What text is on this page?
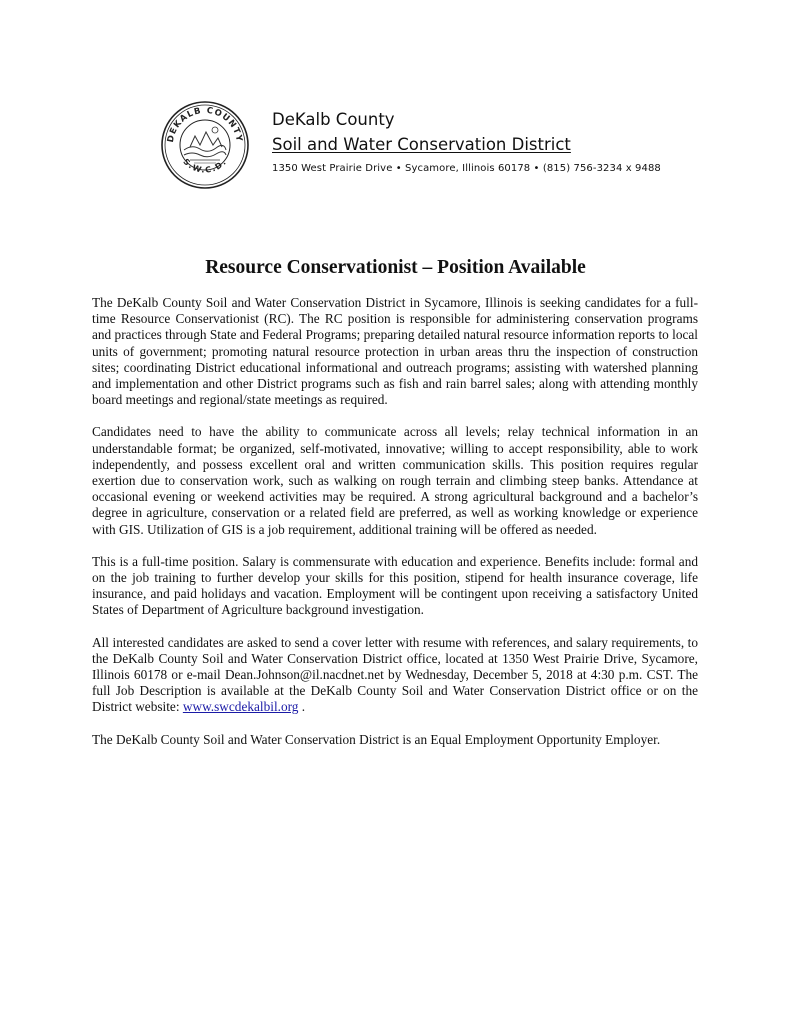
DEKALB COUNTY
S.W.C.D.
DeKalb County
Soil and Water Conservation District
1350 West Prairie Drive • Sycamore, Illinois 60178 • (815) 756-3234 x 9488
Resource Conservationist – Position Available

The DeKalb County Soil and Water Conservation District in Sycamore, Illinois is seeking candidates for a full-time Resource Conservationist (RC). The RC position is responsible for administering conservation programs and practices through State and Federal Programs; preparing detailed natural resource information reports to local units of government; promoting natural resource protection in urban areas thru the inspection of construction sites; coordinating District educational informational and outreach programs; assisting with watershed planning and implementation and other District programs such as fish and rain barrel sales; along with attending monthly board meetings and regional/state meetings as required.

Candidates need to have the ability to communicate across all levels; relay technical information in an understandable format; be organized, self-motivated, innovative; willing to accept responsibility, able to work independently, and possess excellent oral and written communication skills. This position requires regular exertion due to conservation work, such as walking on rough terrain and climbing steep banks. Attendance at occasional evening or weekend activities may be required. A strong agricultural background and a bachelor’s degree in agriculture, conservation or a related field are preferred, as well as working knowledge or experience with GIS. Utilization of GIS is a job requirement, additional training will be offered as needed.

This is a full-time position. Salary is commensurate with education and experience. Benefits include: formal and on the job training to further develop your skills for this position, stipend for health insurance coverage, life insurance, and paid holidays and vacation. Employment will be contingent upon receiving a satisfactory United States of Department of Agriculture background investigation.

All interested candidates are asked to send a cover letter with resume with references, and salary requirements, to the DeKalb County Soil and Water Conservation District office, located at 1350 West Prairie Drive, Sycamore, Illinois 60178 or e-mail Dean.Johnson@il.nacdnet.net by Wednesday, December 5, 2018 at 4:30 p.m. CST. The full Job Description is available at the DeKalb County Soil and Water Conservation District office or on the District website: www.swcdekalbil.org .

The DeKalb County Soil and Water Conservation District is an Equal Employment Opportunity Employer.
